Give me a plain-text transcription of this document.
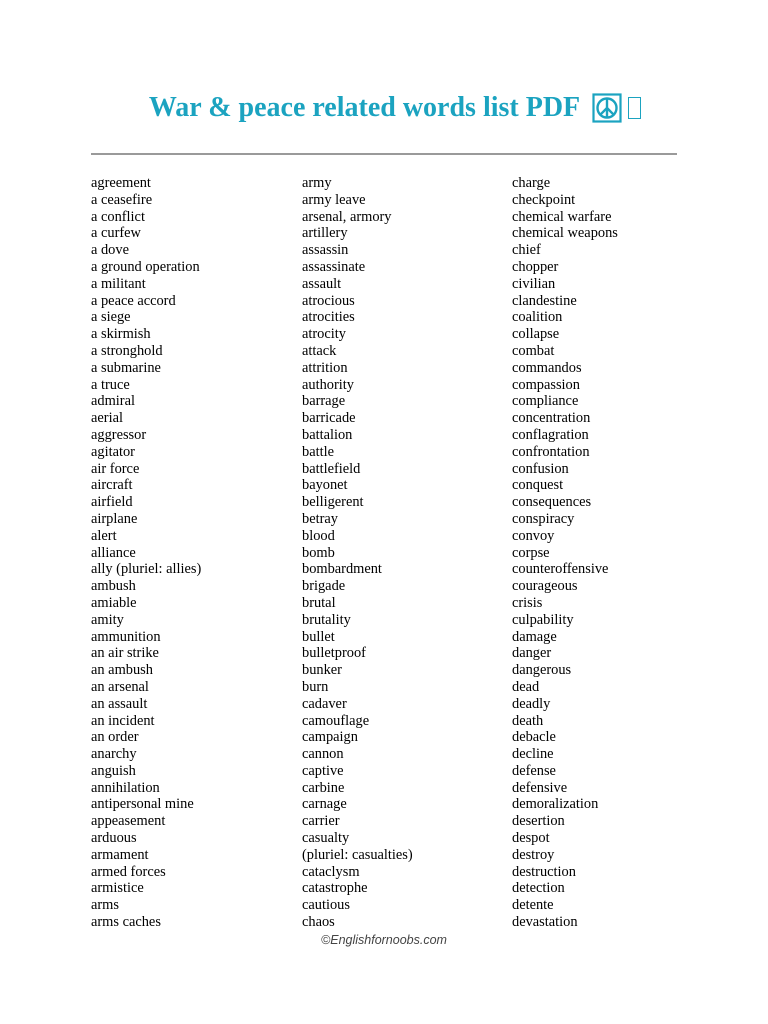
War & peace related words list PDF
agreement
a ceasefire
a conflict
a curfew
a dove
a ground operation
a militant
a peace accord
a siege
a skirmish
a stronghold
a submarine
a truce
admiral
aerial
aggressor
agitator
air force
aircraft
airfield
airplane
alert
alliance
ally (pluriel: allies)
ambush
amiable
amity
ammunition
an air strike
an ambush
an arsenal
an assault
an incident
an order
anarchy
anguish
annihilation
antipersonal mine
appeasement
arduous
armament
armed forces
armistice
arms
arms caches
army
army leave
arsenal, armory
artillery
assassin
assassinate
assault
atrocious
atrocities
atrocity
attack
attrition
authority
barrage
barricade
battalion
battle
battlefield
bayonet
belligerent
betray
blood
bomb
bombardment
brigade
brutal
brutality
bullet
bulletproof
bunker
burn
cadaver
camouflage
campaign
cannon
captive
carbine
carnage
carrier
casualty
(pluriel: casualties)
cataclysm
catastrophe
cautious
chaos
charge
checkpoint
chemical warfare
chemical weapons
chief
chopper
civilian
clandestine
coalition
collapse
combat
commandos
compassion
compliance
concentration
conflagration
confrontation
confusion
conquest
consequences
conspiracy
convoy
corpse
counteroffensive
courageous
crisis
culpability
damage
danger
dangerous
dead
deadly
death
debacle
decline
defense
defensive
demoralization
desertion
despot
destroy
destruction
detection
detente
devastation
©Englishfornoobs.com
